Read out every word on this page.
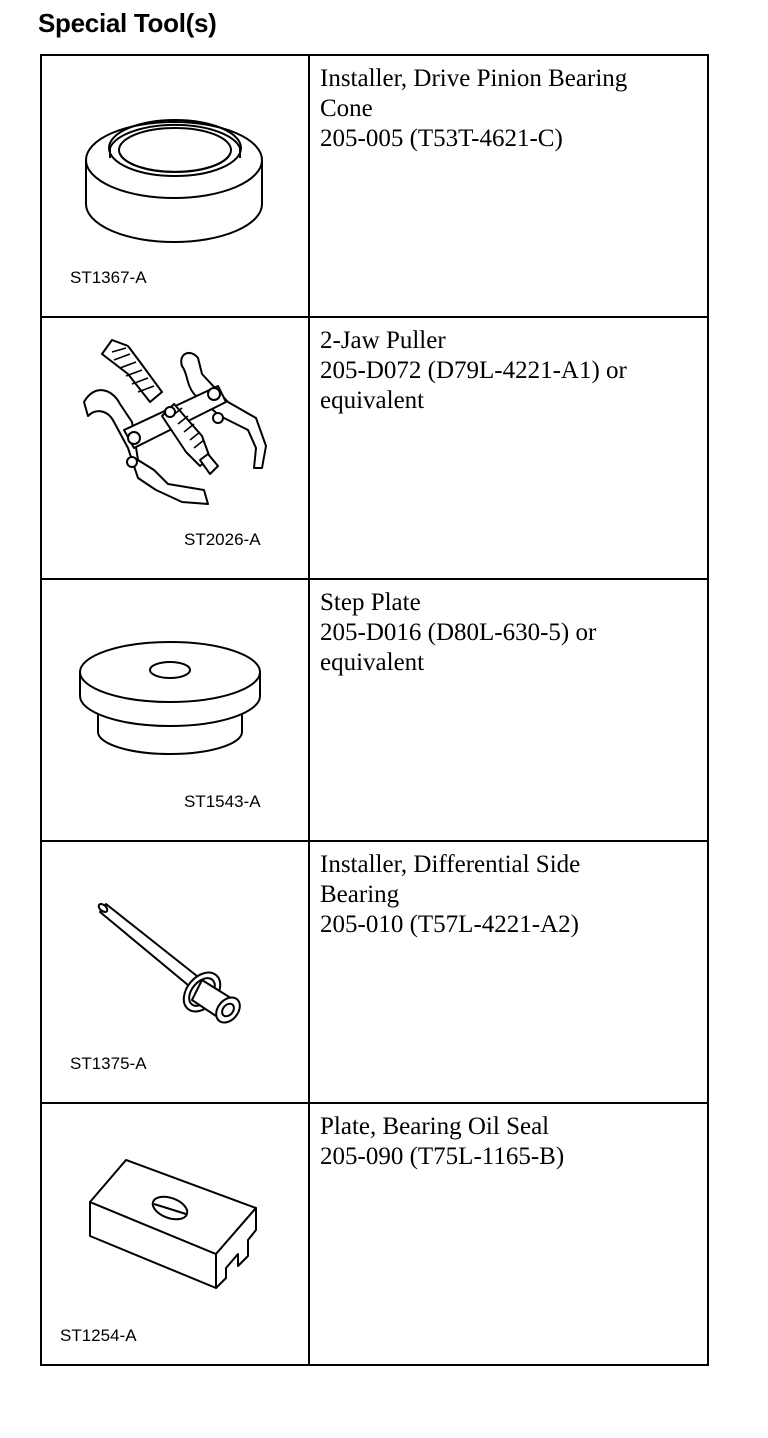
Special Tool(s)
ST1367-A	Installer, Drive Pinion Bearing
Cone
205-005 (T53T-4621-C)

ST2026-A	2-Jaw Puller
205-D072 (D79L-4221-A1) or
equivalent

ST1543-A	Step Plate
205-D016 (D80L-630-5) or
equivalent

ST1375-A	Installer, Differential Side
Bearing
205-010 (T57L-4221-A2)

ST1254-A	Plate, Bearing Oil Seal
205-090 (T75L-1165-B)
